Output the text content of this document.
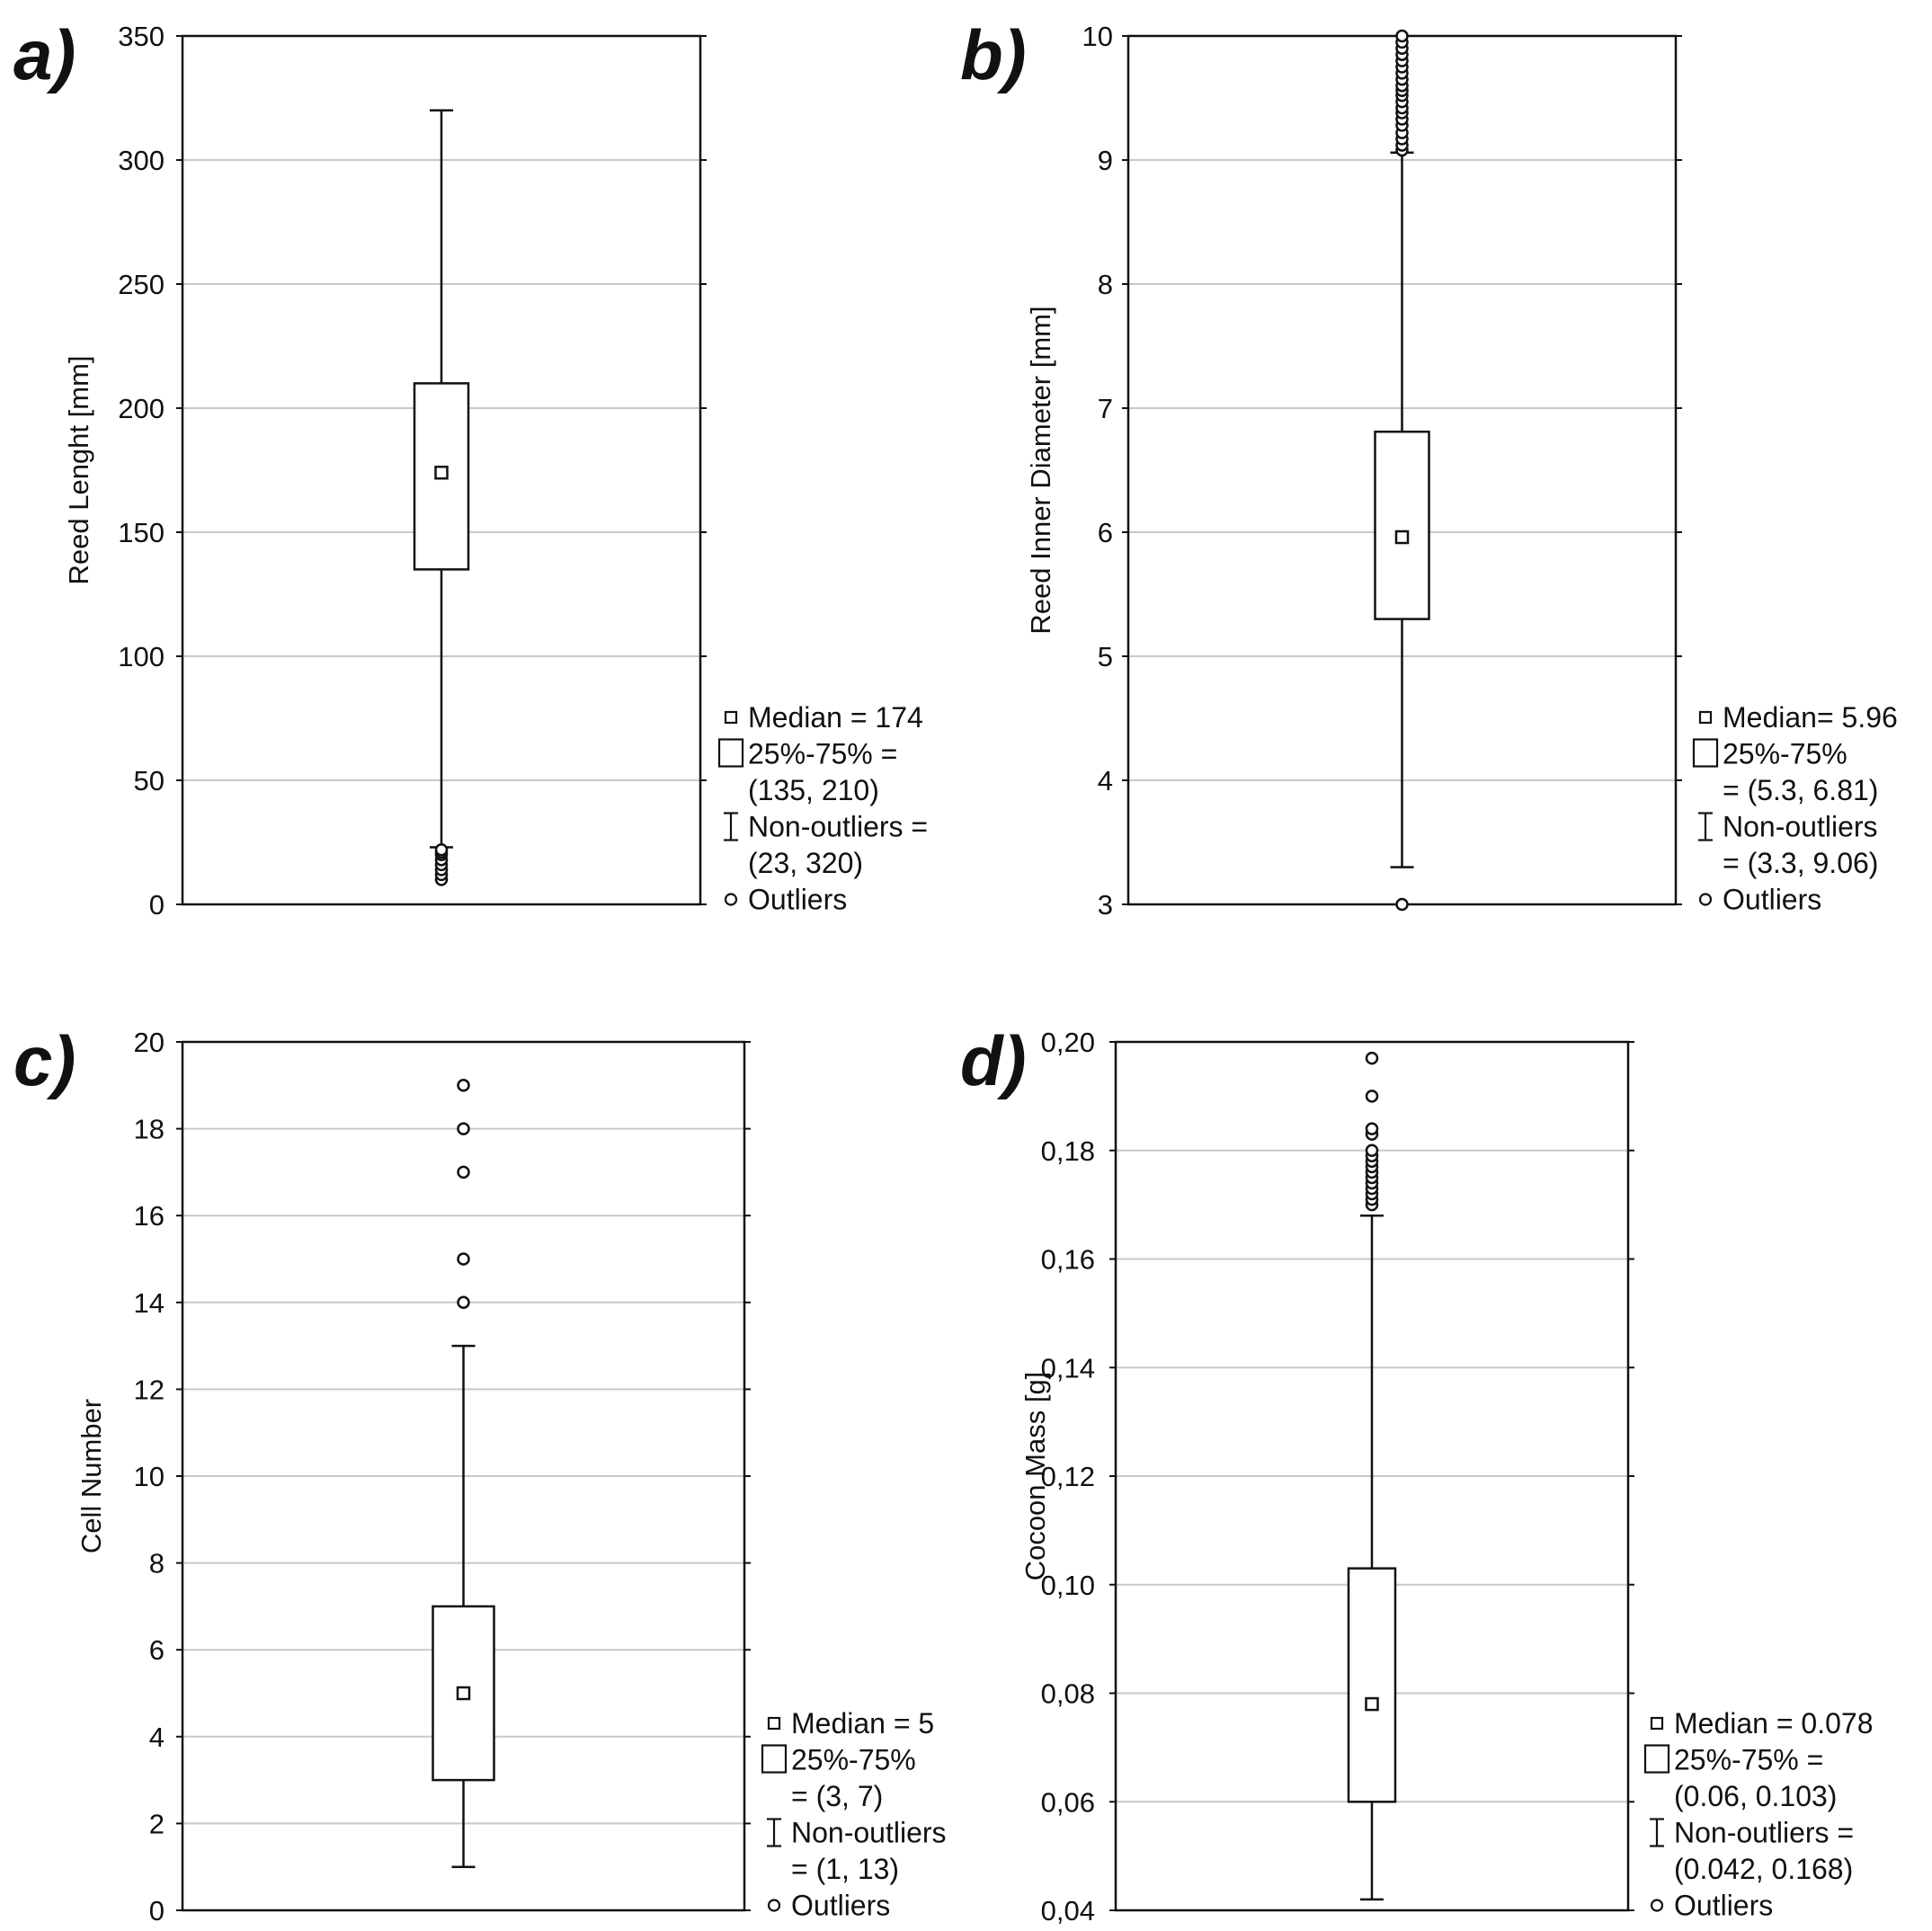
0
50
100
150
200
250
300
350
a)
Reed Lenght [mm]
Median = 174
25%-75% =
(135, 210)
Non-outliers =
(23, 320)
Outliers	3
4
5
6
7
8
9
10
b)
Reed Inner Diameter [mm]
Median= 5.96
25%-75%
= (5.3, 6.81)
Non-outliers
= (3.3, 9.06)
Outliers
0
2
4
6
8
10
12
14
16
18
20
c)
Cell Number
Median = 5
25%-75%
= (3, 7)
Non-outliers
= (1, 13)
Outliers	0,04
0,06
0,08
0,10
0,12
0,14
0,16
0,18
0,20
d)
Cocoon Mass [g]
Median = 0.078
25%-75% =
(0.06, 0.103)
Non-outliers =
(0.042, 0.168)
Outliers
